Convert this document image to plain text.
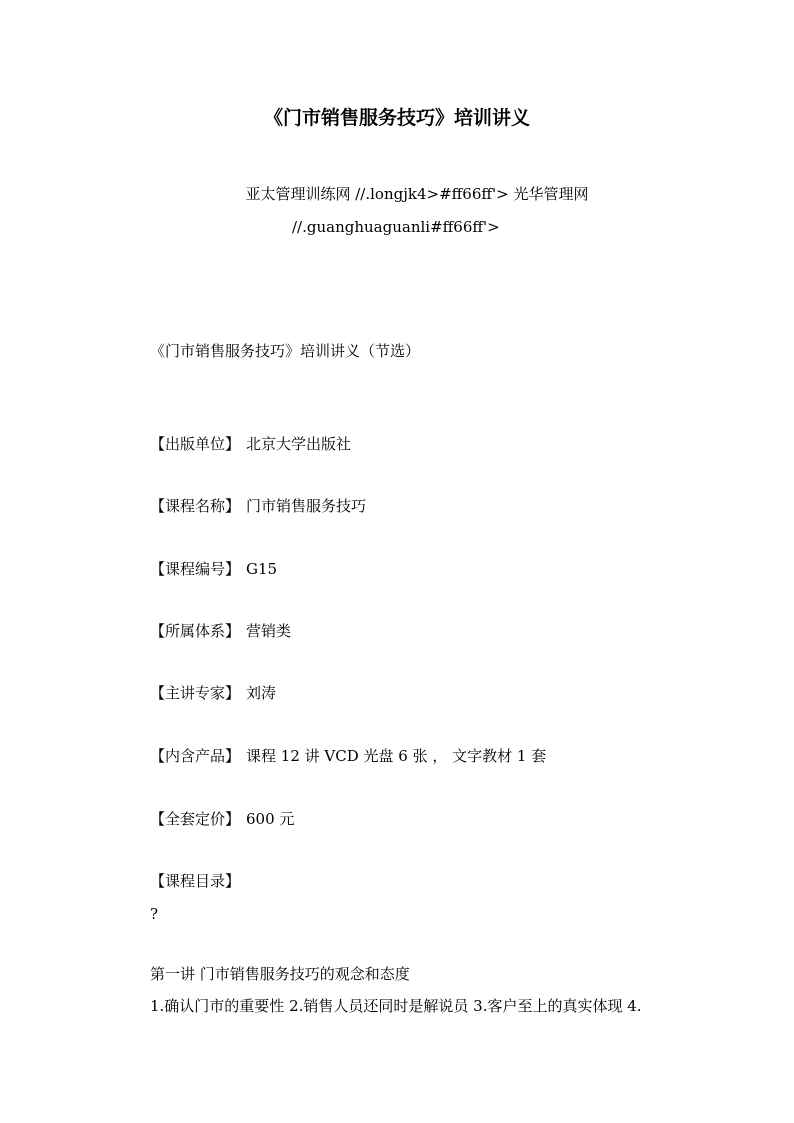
《门市销售服务技巧》培训讲义
亚太管理训练网 //.longjk4>#ff66ff'> 光华管理网
//.guanghuaguanli#ff66ff'>
《门市销售服务技巧》培训讲义（节选）
【出版单位】 北京大学出版社
【课程名称】 门市销售服务技巧
【课程编号】 G15
【所属体系】 营销类
【主讲专家】 刘涛
【内含产品】 课程 12 讲 VCD 光盘 6 张 ， 文字教材 1 套
【全套定价】 600 元
【课程目录】
?
第一讲 门市销售服务技巧的观念和态度
1.确认门市的重要性 2.销售人员还同时是解说员 3.客户至上的真实体现 4.
